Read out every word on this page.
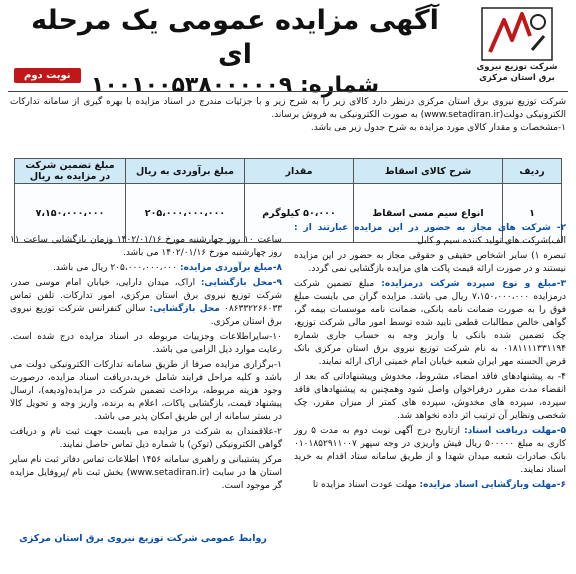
شرکت توزیع نیروی برق استان مرکزی
آگهی مزایده عمومی یک مرحله ای
شماره: ۱۰۰۱۰۰۵۳۸۰۰۰۰۰۹
نوبت دوم

شرکت توزیع نیروی برق استان مرکزی درنظر دارد کالای زیر را به شرح زیر و با جزئیات مندرج در اسناد مزایده با بهره گیری از سامانه تدارکات الکترونیکی دولت(www.setadiran.ir) به صورت الکترونیکی به فروش برساند.

۱-مشخصات و مقدار کالای مورد مزایده به شرح جدول زیر می باشد.

ردیف	شرح کالای اسقاط	مقدار	مبلغ برآوردی به ریال	مبلغ تضمین شرکت در مزایده به ریال
۱	انواع سیم مسی اسقاط	۵۰،۰۰۰ کیلوگرم	۲۰۵،۰۰۰،۰۰۰،۰۰۰	۷،۱۵۰،۰۰۰،۰۰۰

۲- شرکت های مجاز به حضور در این مزایده عبارتند از : الف)شرکت های تولید کننده سیم و کابل

تبصره ۱) سایر اشخاص حقیقی و حقوقی مجاز به حضور در این مزایده نیستند و در صورت ارائه قیمت پاکت های مزایده بازگشایی نمی گردد.

۳-مبلغ و نوع سپرده شرکت درمزایده: مبلغ تضمین شرکت درمزایده ۷،۱۵۰،۰۰۰،۰۰۰ ریال می باشد. مزایده گران می بایست مبلغ فوق را به صورت ضمانت نامه بانکی، ضمانت نامه موسسات بیمه گر، گواهی خالص مطالبات قطعی تایید شده توسط امور مالی شرکت توزیع، چک تضمین شده بانکی یا واریز وجه به حساب جاری شماره ۰۱۸۱۱۱۱۳۳۱۱۹۴ به نام شرکت توزیع نیروی برق استان مرکزی بانک قرض الحسنه مهر ایران شعبه خیابان امام خمینی اراک ارائه نمایند.

۴- به پیشنهادهای فاقد امضاء، مشروط، مخدوش وپیشنهاداتی که بعد از انقضاء مدت مقرر درفراخوان واصل شود وهمچنین به پیشنهادهای فاقد سپرده، سپرده های مخدوش، سپرده های کمتر از میزان مقرر، چک شخصی ونظایر آن ترتیب اثر داده نخواهد شد.

۵-مهلت دریافت اسناد: ازتاریخ درج آگهی نوبت دوم به مدت ۵ روز کاری به مبلغ ۵۰۰۰۰۰ ریال فیش واریزی در وجه سپهر ۰۱۰۱۸۵۲۹۱۱۰۰۷ بانک صادرات شعبه میدان شهدا و از طریق سامانه ستاد اقدام به خرید اسناد نمایند.

۶-مهلت وبازگشایی اسناد مزایده: مهلت عودت اسناد مزایده تا

ساعت ۱۰ روز چهارشنبه مورخ ۱۴۰۲/۰۱/۱۶ وزمان بازگشایی ساعت ۱۱ روز چهارشنبه مورخ ۱۴۰۲/۰۱/۱۶ می باشد.

۸-مبلغ برآوردی مزایده: ۲۰۵،۰۰۰،۰۰۰،۰۰۰ ریال می باشد.

۹-محل بازگشایی: اراک، میدان دارایی، خیابان امام موسی صدر، شرکت توزیع نیروی برق استان مرکزی، امور تدارکات. تلفن تماس ۰۸۶۳۳۲۲۶۶۰۳۳ محل بازگشایی: سالن کنفرانس شرکت توزیع نیروی برق استان مرکزی.

۱۰-سایراطلاعات وجزییات مربوطه در اسناد مزایده درج شده است. رعایت موارد ذیل الزامی می باشد.

۱-برگزاری مزایده صرفا از طریق سامانه تدارکات الکترونیکی دولت می باشد و کلیه مراحل فرایند شامل خرید،دریافت اسناد مزایده، درصورت وجود هزینه مربوطه، برداخت تضمین شرکت در مزایده(ودیعه)، ارسال پیشنهاد قیمت، بازگشایی پاکات، اعلام به برنده، واریز وجه و تحویل کالا در بستر سامانه از این طریق امکان پذیر می باشد.

۲-علاقمندان به شرکت در مزایده می بایست جهت ثبت نام و دریافت گواهی الکترونیکی (توکن) با شماره ذیل تماس حاصل نمایند.

مرکز پشتیبانی و راهبری سامانه ۱۴۵۶ اطلاعات تماس دفاتر ثبت نام سایر استان ها در سایت (www.setadiran.ir) بخش ثبت نام /پروفایل مزایده گر موجود است.

روابط عمومی شرکت توزیع نیروی برق استان مرکزی
